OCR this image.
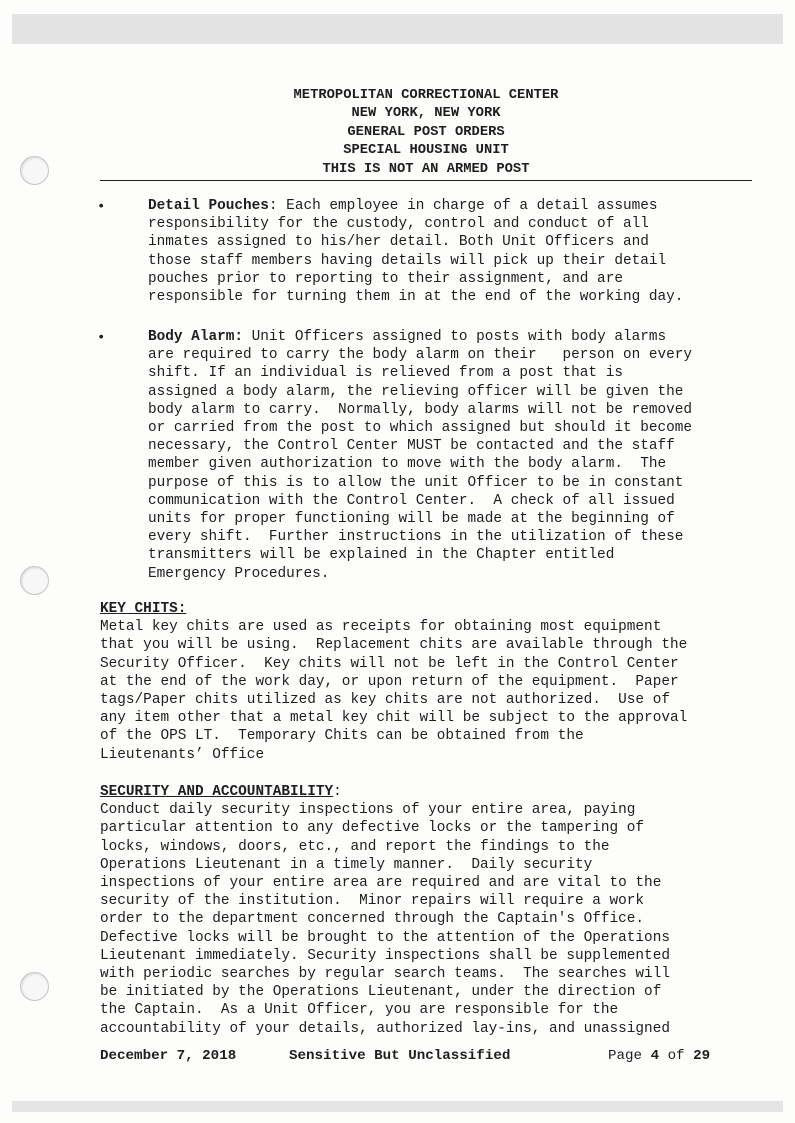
METROPOLITAN CORRECTIONAL CENTER
NEW YORK, NEW YORK
GENERAL POST ORDERS
SPECIAL HOUSING UNIT
THIS IS NOT AN ARMED POST
•	Detail Pouches: Each employee in charge of a detail assumes
responsibility for the custody, control and conduct of all
inmates assigned to his/her detail. Both Unit Officers and
those staff members having details will pick up their detail
pouches prior to reporting to their assignment, and are
responsible for turning them in at the end of the working day.
•	Body Alarm: Unit Officers assigned to posts with body alarms
are required to carry the body alarm on their   person on every
shift. If an individual is relieved from a post that is
assigned a body alarm, the relieving officer will be given the
body alarm to carry.  Normally, body alarms will not be removed
or carried from the post to which assigned but should it become
necessary, the Control Center MUST be contacted and the staff
member given authorization to move with the body alarm.  The
purpose of this is to allow the unit Officer to be in constant
communication with the Control Center.  A check of all issued
units for proper functioning will be made at the beginning of
every shift.  Further instructions in the utilization of these
transmitters will be explained in the Chapter entitled
Emergency Procedures.
KEY CHITS:
Metal key chits are used as receipts for obtaining most equipment
that you will be using.  Replacement chits are available through the
Security Officer.  Key chits will not be left in the Control Center
at the end of the work day, or upon return of the equipment.  Paper
tags/Paper chits utilized as key chits are not authorized.  Use of
any item other that a metal key chit will be subject to the approval
of the OPS LT.  Temporary Chits can be obtained from the
Lieutenants’ Office
SECURITY AND ACCOUNTABILITY:
Conduct daily security inspections of your entire area, paying
particular attention to any defective locks or the tampering of
locks, windows, doors, etc., and report the findings to the
Operations Lieutenant in a timely manner.  Daily security
inspections of your entire area are required and are vital to the
security of the institution.  Minor repairs will require a work
order to the department concerned through the Captain's Office.
Defective locks will be brought to the attention of the Operations
Lieutenant immediately. Security inspections shall be supplemented
with periodic searches by regular search teams.  The searches will
be initiated by the Operations Lieutenant, under the direction of
the Captain.  As a Unit Officer, you are responsible for the
accountability of your details, authorized lay-ins, and unassigned
December 7, 2018	Sensitive But Unclassified	Page 4 of 29
